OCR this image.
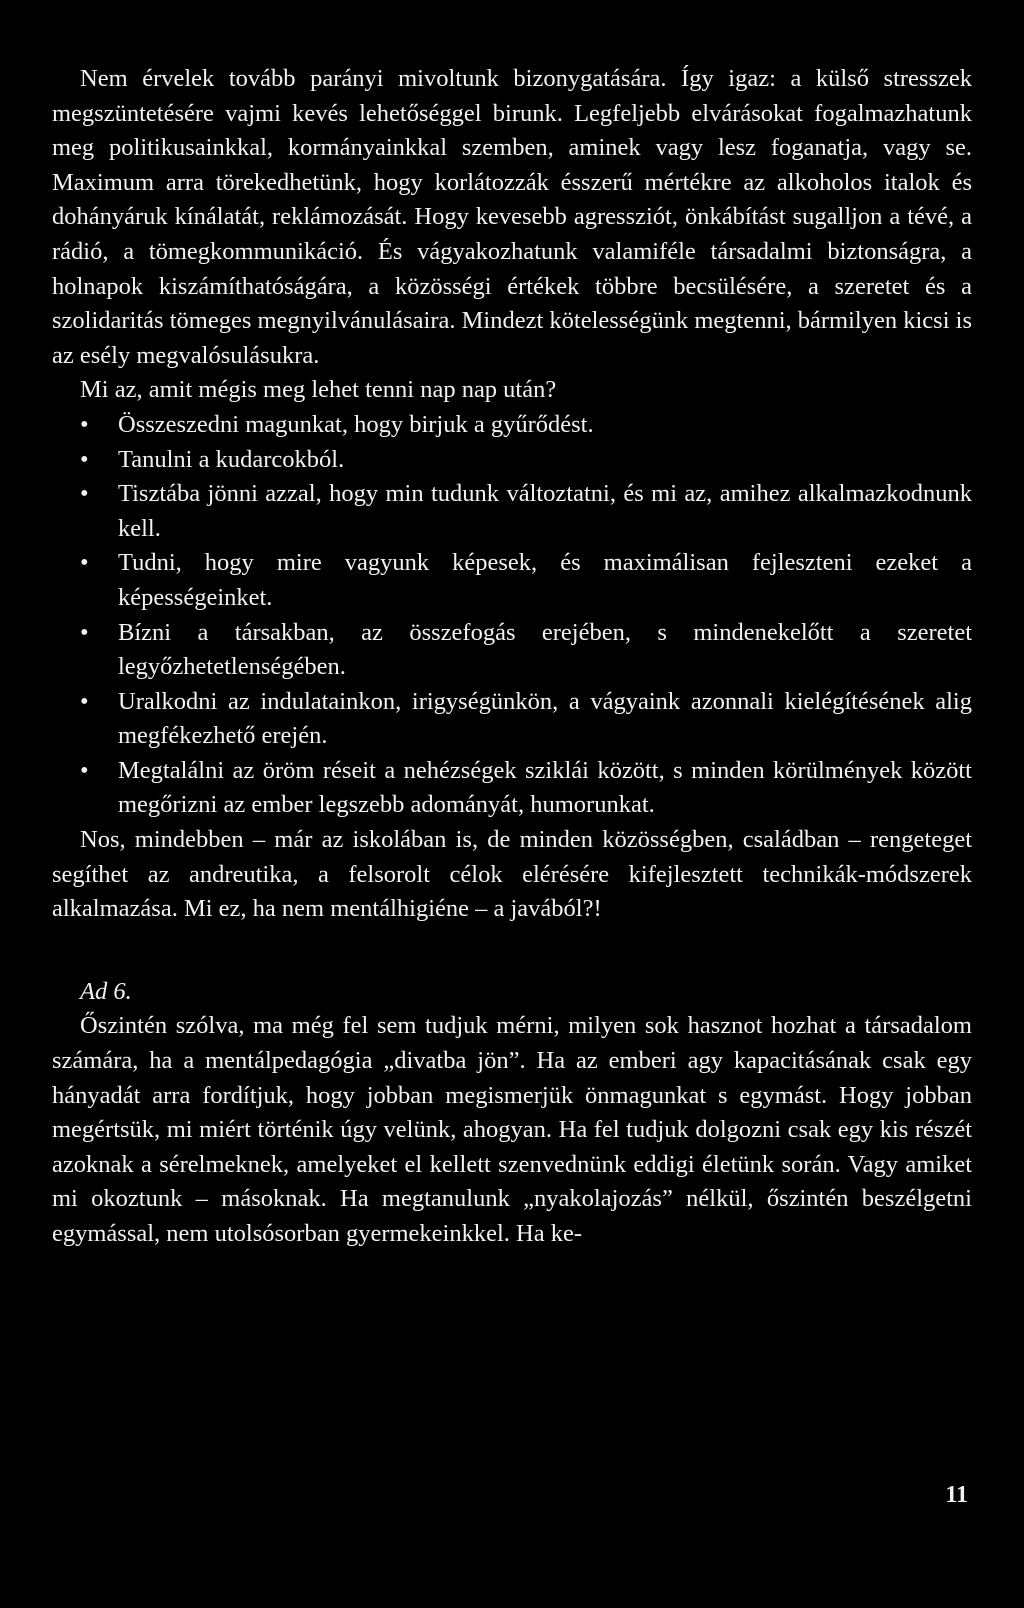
Nem érvelek tovább parányi mivoltunk bizonygatására. Így igaz: a külső stresszek megszüntetésére vajmi kevés lehetőséggel birunk. Legfeljebb elvárásokat fogalmazhatunk meg politikusainkkal, kormányainkkal szemben, aminek vagy lesz foganatja, vagy se. Maximum arra törekedhetünk, hogy korlátozzák ésszerű mértékre az alkoholos italok és dohányáruk kínálatát, reklámozását. Hogy kevesebb agressziót, önkábítást sugalljon a tévé, a rádió, a tömegkommunikáció. És vágyakozhatunk valamiféle társadalmi biztonságra, a holnapok kiszámíthatóságára, a közösségi értékek többre becsülésére, a szeretet és a szolidaritás tömeges megnyilvánulásaira. Mindezt kötelességünk megtenni, bármilyen kicsi is az esély megvalósulásukra.

Mi az, amit mégis meg lehet tenni nap nap után?

• Összeszedni magunkat, hogy birjuk a gyűrődést.
• Tanulni a kudarcokból.
• Tisztába jönni azzal, hogy min tudunk változtatni, és mi az, amihez alkalmazkodnunk kell.
• Tudni, hogy mire vagyunk képesek, és maximálisan fejleszteni ezeket a képességeinket.
• Bízni a társakban, az összefogás erejében, s mindenekelőtt a szeretet legyőzhetetlenségében.
• Uralkodni az indulatainkon, irigységünkön, a vágyaink azonnali kielégítésének alig megfékezhető erején.
• Megtalálni az öröm réseit a nehézségek sziklái között, s minden körülmények között megőrizni az ember legszebb adományát, humorunkat.

Nos, mindebben – már az iskolában is, de minden közösségben, családban – rengeteget segíthet az andreutika, a felsorolt célok elérésére kifejlesztett technikák-módszerek alkalmazása. Mi ez, ha nem mentálhigiéne – a javából?!

Ad 6.

Őszintén szólva, ma még fel sem tudjuk mérni, milyen sok hasznot hozhat a társadalom számára, ha a mentálpedagógia „divatba jön”. Ha az emberi agy kapacitásának csak egy hányadát arra fordítjuk, hogy jobban megismerjük önmagunkat s egymást. Hogy jobban megértsük, mi miért történik úgy velünk, ahogyan. Ha fel tudjuk dolgozni csak egy kis részét azoknak a sérelmeknek, amelyeket el kellett szenvednünk eddigi életünk során. Vagy amiket mi okoztunk – másoknak. Ha megtanulunk „nyakolajozás” nélkül, őszintén beszélgetni egymással, nem utolsósorban gyermekeinkkel. Ha ke-

11
